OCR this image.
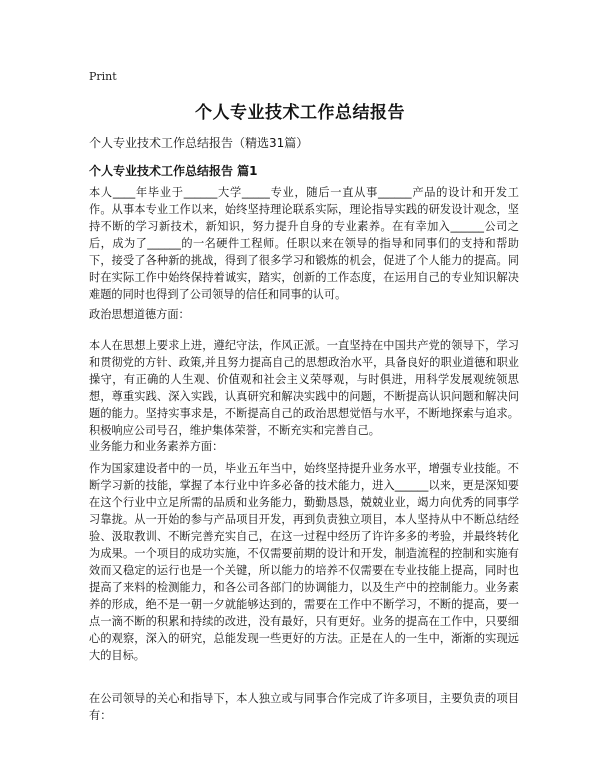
Print
个人专业技术工作总结报告
个人专业技术工作总结报告（精选31篇）
个人专业技术工作总结报告 篇1
本人____年毕业于______大学_____专业，随后一直从事______产品的设计和开发工作。从事本专业工作以来，始终坚持理论联系实际，理论指导实践的研发设计观念，坚持不断的学习新技术，新知识，努力提升自身的专业素养。在有幸加入______公司之后，成为了______的一名硬件工程师。任职以来在领导的指导和同事们的支持和帮助下，接受了各种新的挑战，得到了很多学习和锻炼的机会，促进了个人能力的提高。同时在实际工作中始终保持着诚实，踏实，创新的工作态度，在运用自己的专业知识解决难题的同时也得到了公司领导的信任和同事的认可。
政治思想道德方面：
本人在思想上要求上进，遵纪守法，作风正派。一直坚持在中国共产党的领导下，学习和贯彻党的方针、政策,并且努力提高自己的思想政治水平，具备良好的职业道德和职业操守，有正确的人生观、价值观和社会主义荣辱观，与时俱进，用科学发展观统领思想，尊重实践、深入实践，认真研究和解决实践中的问题，不断提高认识问题和解决问题的能力。坚持实事求是，不断提高自己的政治思想觉悟与水平，不断地探索与追求。积极响应公司号召，维护集体荣誉，不断充实和完善自己。
业务能力和业务素养方面：
作为国家建设者中的一员，毕业五年当中，始终坚持提升业务水平，增强专业技能。不断学习新的技能，掌握了本行业中许多必备的技术能力，进入______以来，更是深知要在这个行业中立足所需的品质和业务能力，勤勤恳恳，兢兢业业，竭力向优秀的同事学习靠拢。从一开始的参与产品项目开发，再到负责独立项目，本人坚持从中不断总结经验、汲取教训、不断完善充实自己，在这一过程中经历了许许多多的考验，并最终转化为成果。一个项目的成功实施，不仅需要前期的设计和开发，制造流程的控制和实施有效而又稳定的运行也是一个关键，所以能力的培养不仅需要在专业技能上提高，同时也提高了来料的检测能力，和各公司各部门的协调能力，以及生产中的控制能力。业务素养的形成，绝不是一朝一夕就能够达到的，需要在工作中不断学习，不断的提高，要一点一滴不断的积累和持续的改进，没有最好，只有更好。业务的提高在工作中，只要细心的观察，深入的研究，总能发现一些更好的方法。正是在人的一生中，渐渐的实现远大的目标。
在公司领导的关心和指导下，本人独立或与同事合作完成了许多项目，主要负责的项目有：
